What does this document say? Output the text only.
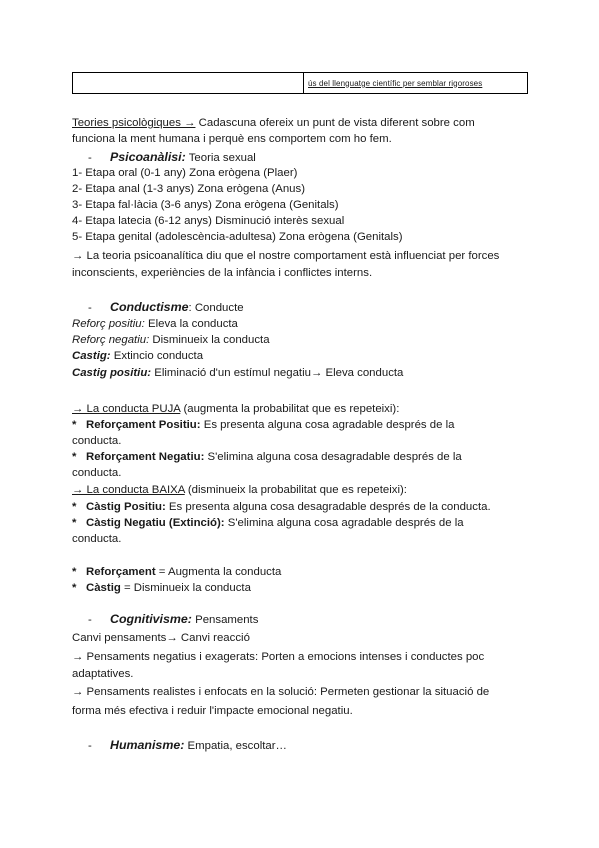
	ús del llenguatge científic per semblar rigoroses
Teories psicològiques → Cadascuna ofereix un punt de vista diferent sobre com
funciona la ment humana i perquè ens comportem com ho fem.
- Psicoanàlisi: Teoria sexual
1- Etapa oral (0-1 any) Zona erògena (Plaer)
2- Etapa anal (1-3 anys) Zona erògena (Anus)
3- Etapa fal·làcia (3-6 anys) Zona erògena (Genitals)
4- Etapa latecia (6-12 anys) Disminució interès sexual
5- Etapa genital (adolescència-adultesa) Zona erògena (Genitals)
→ La teoria psicoanalítica diu que el nostre comportament està influenciat per forces
inconscients, experiències de la infància i conflictes interns.
- Conductisme: Conducte
Reforç positiu: Eleva la conducta
Reforç negatiu: Disminueix la conducta
Castig: Extincio conducta
Castig positiu: Eliminació d'un estímul negatiu→ Eleva conducta
→ La conducta PUJA (augmenta la probabilitat que es repeteixi):
* Reforçament Positiu: Es presenta alguna cosa agradable després de la
conducta.
* Reforçament Negatiu: S'elimina alguna cosa desagradable després de la
conducta.
→ La conducta BAIXA (disminueix la probabilitat que es repeteixi):
* Càstig Positiu: Es presenta alguna cosa desagradable després de la conducta.
* Càstig Negatiu (Extinció): S'elimina alguna cosa agradable després de la
conducta.
* Reforçament = Augmenta la conducta
* Càstig = Disminueix la conducta
- Cognitivisme: Pensaments
Canvi pensaments→ Canvi reacció
→ Pensaments negatius i exagerats: Porten a emocions intenses i conductes poc
adaptatives.
→ Pensaments realistes i enfocats en la solució: Permeten gestionar la situació de
forma més efectiva i reduir l'impacte emocional negatiu.
- Humanisme: Empatia, escoltar…
